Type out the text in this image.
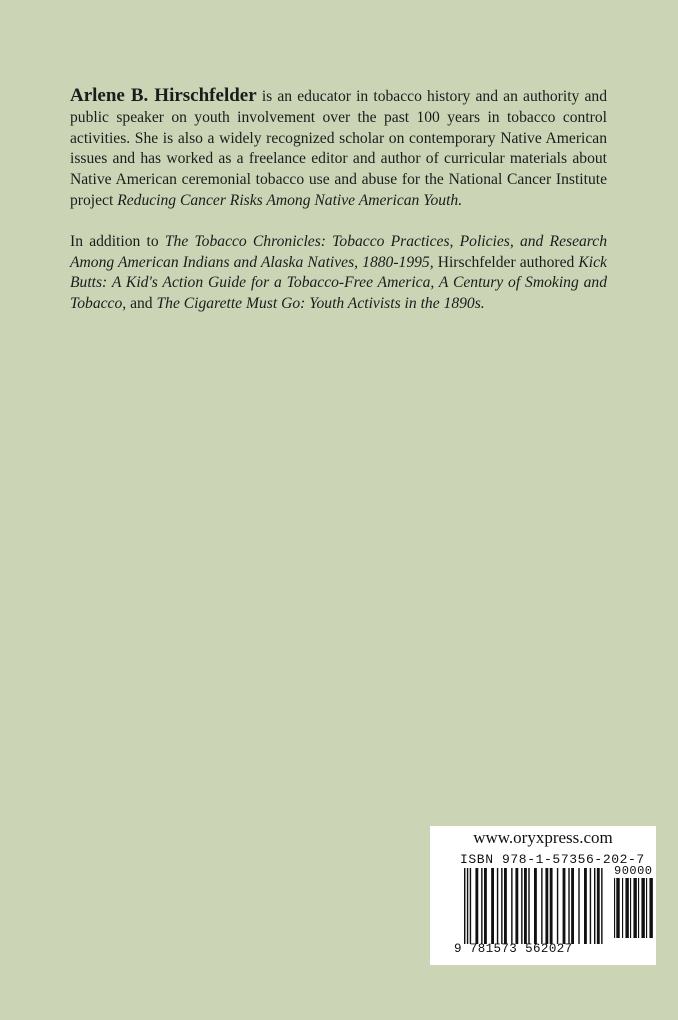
Arlene B. Hirschfelder is an educator in tobacco history and an authority and public speaker on youth involvement over the past 100 years in tobacco control activities. She is also a widely recognized scholar on contemporary Native American issues and has worked as a freelance editor and author of curricular materials about Native American ceremonial tobacco use and abuse for the National Cancer Institute project Reducing Cancer Risks Among Native American Youth.

In addition to The Tobacco Chronicles: Tobacco Practices, Policies, and Research Among American Indians and Alaska Natives, 1880-1995, Hirschfelder authored Kick Butts: A Kid's Action Guide for a Tobacco-Free America, A Century of Smoking and Tobacco, and The Cigarette Must Go: Youth Activists in the 1890s.

www.oryxpress.com
ISBN 978-1-57356-202-7
90000
9 781573 562027
